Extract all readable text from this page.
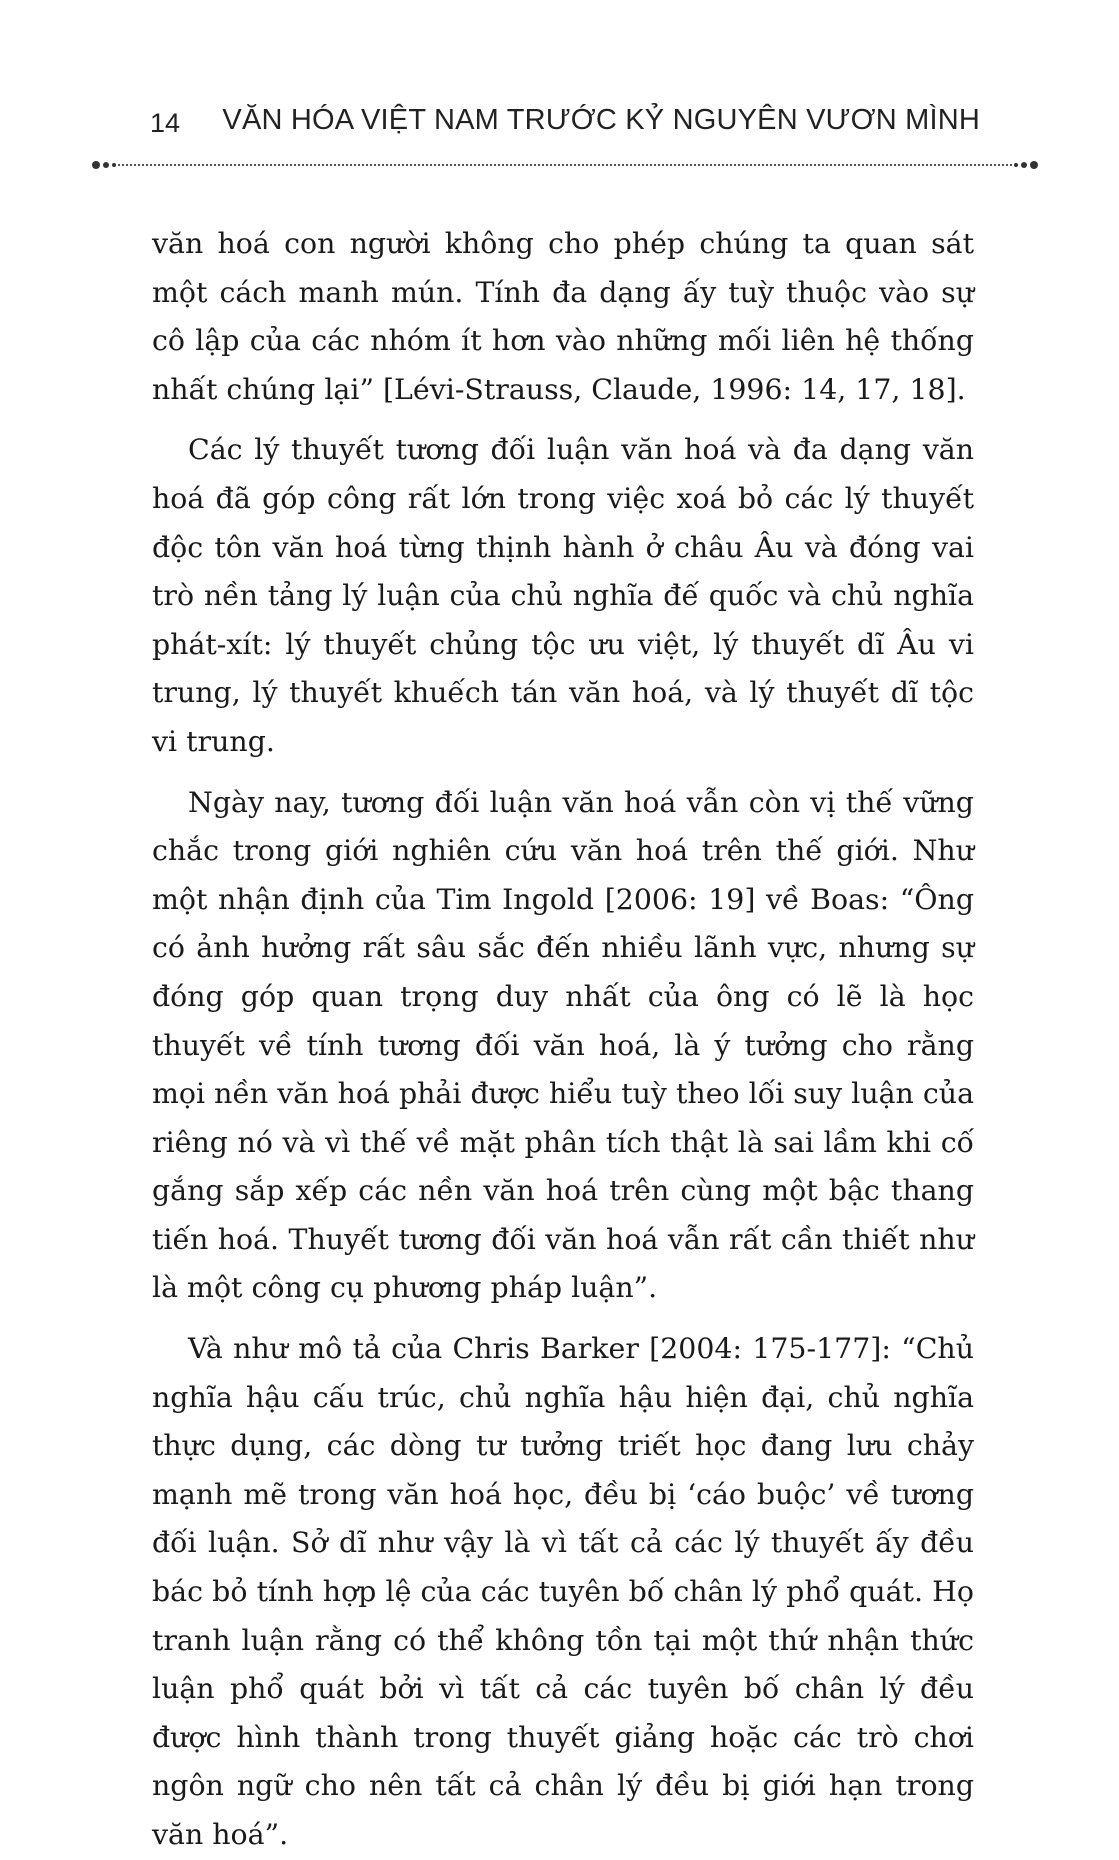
14 VĂN HÓA VIỆT NAM TRƯỚC KỶ NGUYÊN VƯƠN MÌNH

văn hoá con người không cho phép chúng ta quan sát một cách manh mún. Tính đa dạng ấy tuỳ thuộc vào sự cô lập của các nhóm ít hơn vào những mối liên hệ thống nhất chúng lại” [Lévi-Strauss, Claude, 1996: 14, 17, 18].

Các lý thuyết tương đối luận văn hoá và đa dạng văn hoá đã góp công rất lớn trong việc xoá bỏ các lý thuyết độc tôn văn hoá từng thịnh hành ở châu Âu và đóng vai trò nền tảng lý luận của chủ nghĩa đế quốc và chủ nghĩa phát-xít: lý thuyết chủng tộc ưu việt, lý thuyết dĩ Âu vi trung, lý thuyết khuếch tán văn hoá, và lý thuyết dĩ tộc vi trung.

Ngày nay, tương đối luận văn hoá vẫn còn vị thế vững chắc trong giới nghiên cứu văn hoá trên thế giới. Như một nhận định của Tim Ingold [2006: 19] về Boas: “Ông có ảnh hưởng rất sâu sắc đến nhiều lãnh vực, nhưng sự đóng góp quan trọng duy nhất của ông có lẽ là học thuyết về tính tương đối văn hoá, là ý tưởng cho rằng mọi nền văn hoá phải được hiểu tuỳ theo lối suy luận của riêng nó và vì thế về mặt phân tích thật là sai lầm khi cố gắng sắp xếp các nền văn hoá trên cùng một bậc thang tiến hoá. Thuyết tương đối văn hoá vẫn rất cần thiết như là một công cụ phương pháp luận”.

Và như mô tả của Chris Barker [2004: 175-177]: “Chủ nghĩa hậu cấu trúc, chủ nghĩa hậu hiện đại, chủ nghĩa thực dụng, các dòng tư tưởng triết học đang lưu chảy mạnh mẽ trong văn hoá học, đều bị ‘cáo buộc’ về tương đối luận. Sở dĩ như vậy là vì tất cả các lý thuyết ấy đều bác bỏ tính hợp lệ của các tuyên bố chân lý phổ quát. Họ tranh luận rằng có thể không tồn tại một thứ nhận thức luận phổ quát bởi vì tất cả các tuyên bố chân lý đều được hình thành trong thuyết giảng hoặc các trò chơi ngôn ngữ cho nên tất cả chân lý đều bị giới hạn trong văn hoá”.
